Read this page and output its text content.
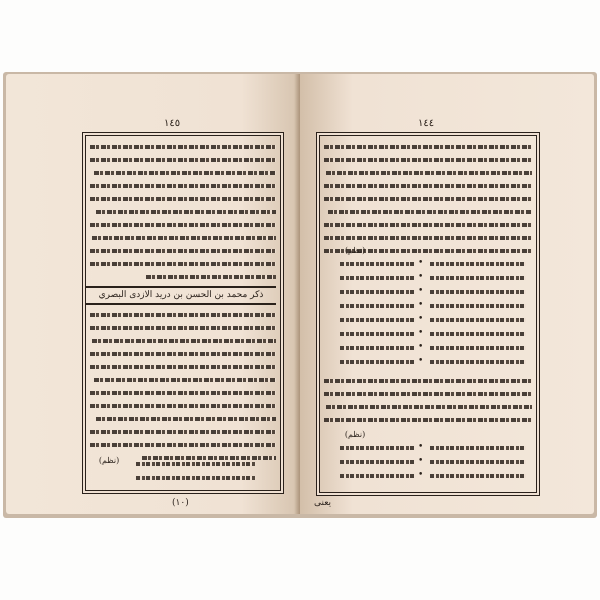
١٤٥
ذكر محمد بن الحسن بن دريد الازدى البصري
(نظم)
(١٠)
١٤٤
(نظم)
•
•
•
•
•
•
•
•
(نظم)
•
•
•
يعنى
